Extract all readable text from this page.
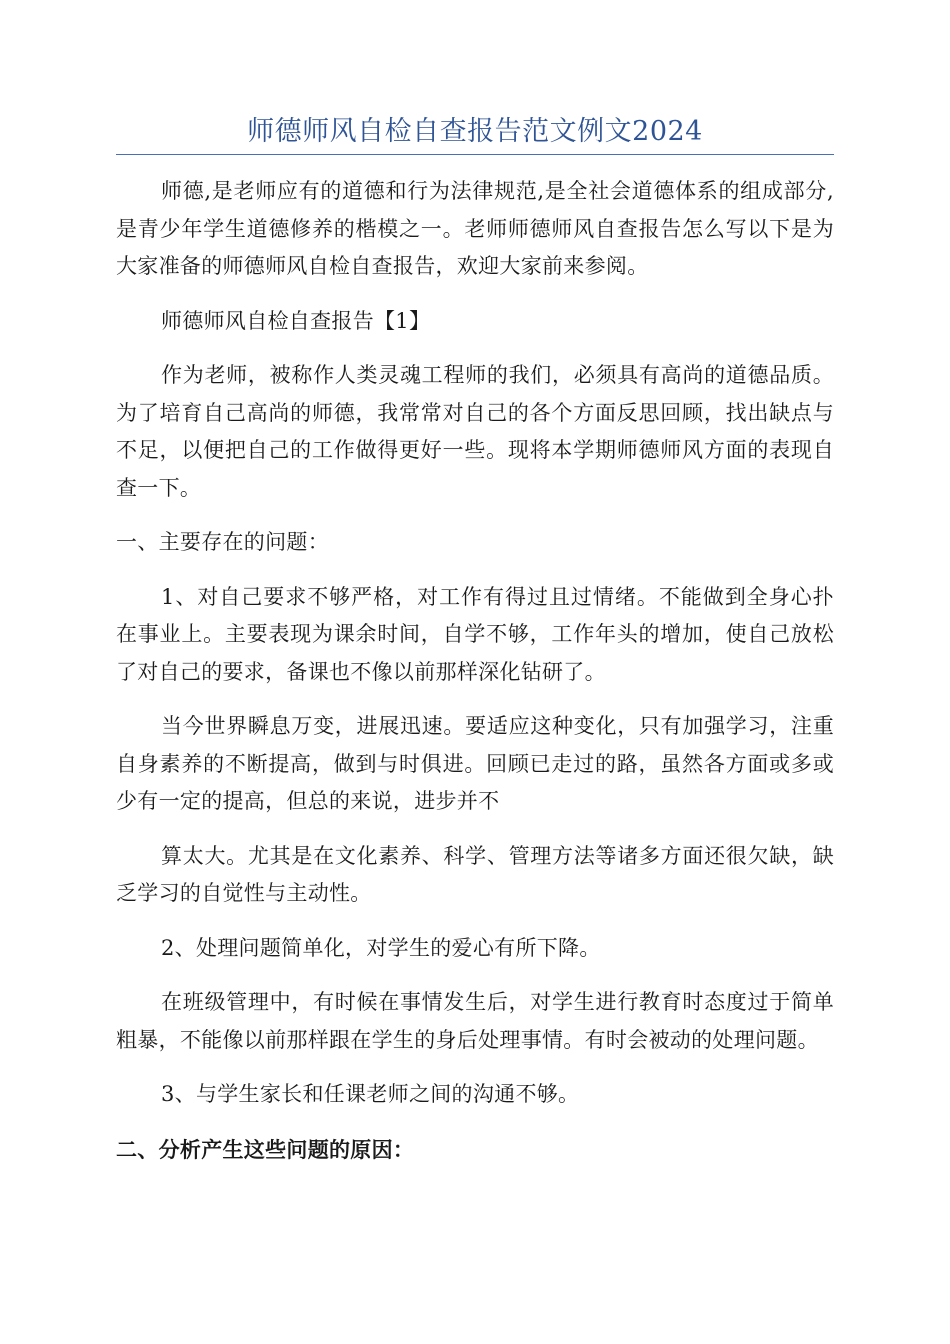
师德师风自检自查报告范文例文2024

师德,是老师应有的道德和行为法律规范,是全社会道德体系的组成部分,是青少年学生道德修养的楷模之一。老师师德师风自查报告怎么写以下是为大家准备的师德师风自检自查报告，欢迎大家前来参阅。

师德师风自检自查报告【1】

作为老师，被称作人类灵魂工程师的我们，必须具有高尚的道德品质。为了培育自己高尚的师德，我常常对自己的各个方面反思回顾，找出缺点与不足，以便把自己的工作做得更好一些。现将本学期师德师风方面的表现自查一下。

一、主要存在的问题：

1、对自己要求不够严格，对工作有得过且过情绪。不能做到全身心扑在事业上。主要表现为课余时间，自学不够，工作年头的增加，使自己放松了对自己的要求，备课也不像以前那样深化钻研了。

当今世界瞬息万变，进展迅速。要适应这种变化，只有加强学习，注重自身素养的不断提高，做到与时俱进。回顾已走过的路，虽然各方面或多或少有一定的提高，但总的来说，进步并不

算太大。尤其是在文化素养、科学、管理方法等诸多方面还很欠缺，缺乏学习的自觉性与主动性。

2、处理问题简单化，对学生的爱心有所下降。

在班级管理中，有时候在事情发生后，对学生进行教育时态度过于简单粗暴，不能像以前那样跟在学生的身后处理事情。有时会被动的处理问题。

3、与学生家长和任课老师之间的沟通不够。

二、分析产生这些问题的原因：
